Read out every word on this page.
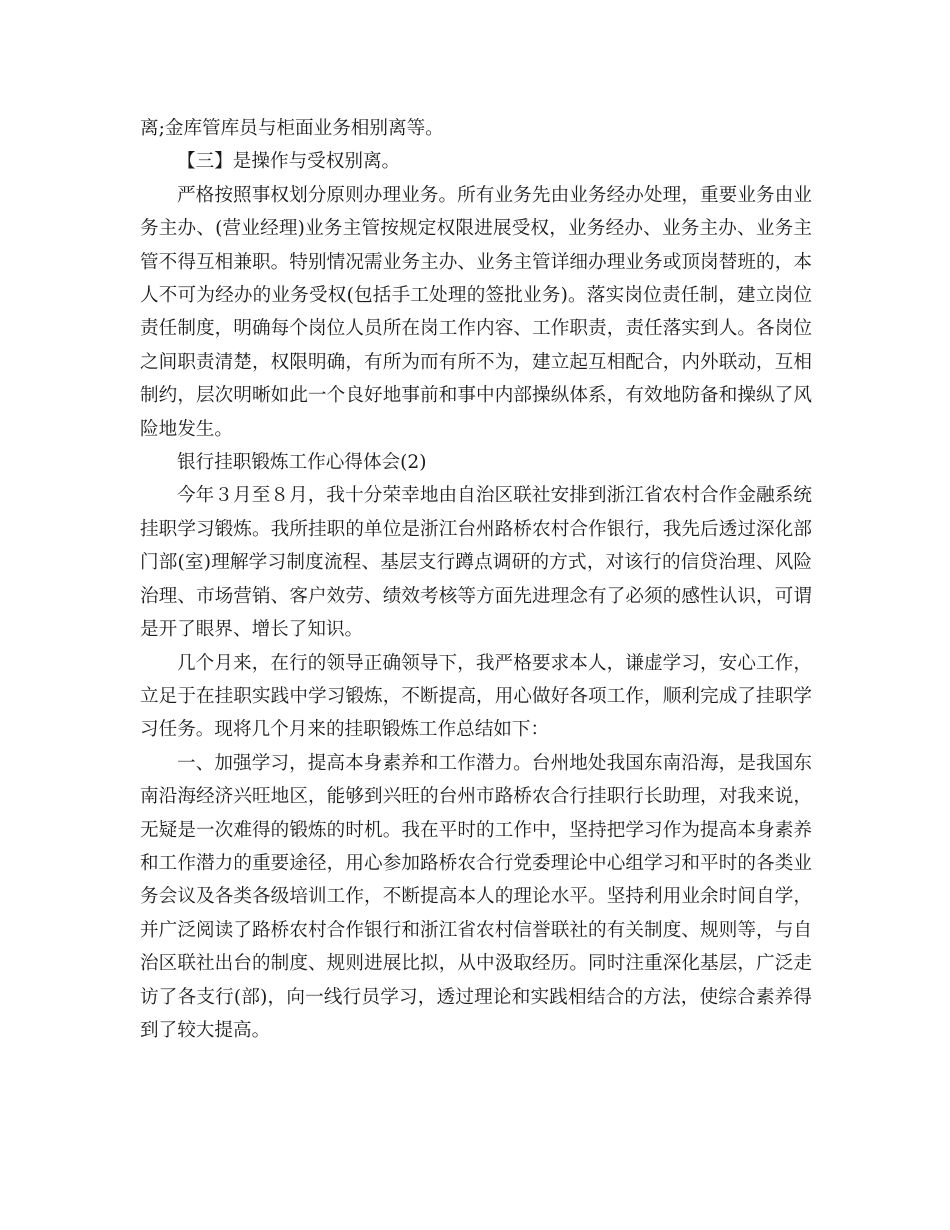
离;金库管库员与柜面业务相别离等。

【三】是操作与受权别离。

严格按照事权划分原则办理业务。所有业务先由业务经办处理，重要业务由业务主办、(营业经理)业务主管按规定权限进展受权，业务经办、业务主办、业务主管不得互相兼职。特别情况需业务主办、业务主管详细办理业务或顶岗替班的，本人不可为经办的业务受权(包括手工处理的签批业务)。落实岗位责任制，建立岗位责任制度，明确每个岗位人员所在岗工作内容、工作职责，责任落实到人。各岗位之间职责清楚，权限明确，有所为而有所不为，建立起互相配合，内外联动，互相制约，层次明晰如此一个良好地事前和事中内部操纵体系，有效地防备和操纵了风险地发生。

银行挂职锻炼工作心得体会(2)

今年３月至８月，我十分荣幸地由自治区联社安排到浙江省农村合作金融系统挂职学习锻炼。我所挂职的单位是浙江台州路桥农村合作银行，我先后透过深化部门部(室)理解学习制度流程、基层支行蹲点调研的方式，对该行的信贷治理、风险治理、市场营销、客户效劳、绩效考核等方面先进理念有了必须的感性认识，可谓是开了眼界、增长了知识。

几个月来，在行的领导正确领导下，我严格要求本人，谦虚学习，安心工作，立足于在挂职实践中学习锻炼，不断提高，用心做好各项工作，顺利完成了挂职学习任务。现将几个月来的挂职锻炼工作总结如下：

一、加强学习，提高本身素养和工作潜力。台州地处我国东南沿海，是我国东南沿海经济兴旺地区，能够到兴旺的台州市路桥农合行挂职行长助理，对我来说，无疑是一次难得的锻炼的时机。我在平时的工作中，坚持把学习作为提高本身素养和工作潜力的重要途径，用心参加路桥农合行党委理论中心组学习和平时的各类业务会议及各类各级培训工作，不断提高本人的理论水平。坚持利用业余时间自学，并广泛阅读了路桥农村合作银行和浙江省农村信誉联社的有关制度、规则等，与自治区联社出台的制度、规则进展比拟，从中汲取经历。同时注重深化基层，广泛走访了各支行(部)，向一线行员学习，透过理论和实践相结合的方法，使综合素养得到了较大提高。
